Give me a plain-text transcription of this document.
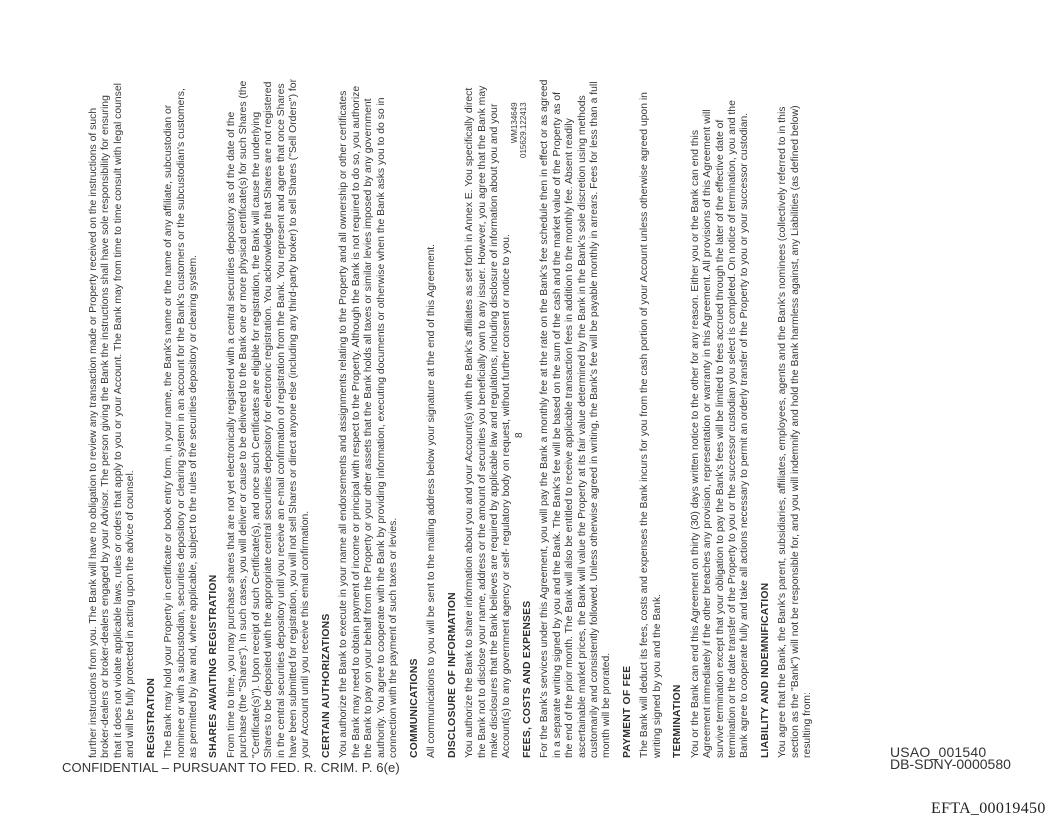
further instructions from you. The Bank will have no obligation to review any transaction made or Property received on the instructions of such broker-dealers or broker-dealers engaged by your Advisor. The person giving the Bank the instructions shall have sole responsibility for ensuring that it does not violate applicable laws, rules or orders that apply to you or your Account. The Bank may from time to time consult with legal counsel and will be fully protected in acting upon the advice of counsel. REGISTRATION The Bank may hold your Property in certificate or book entry form, in your name, the Bank's name or the name of any affiliate, subcustodian or nominee or with a subcustodian, securities depository or clearing system in an account for the Bank's customers or the subcustodian's customers, as permitted by law and, where applicable, subject to the rules of the securities depository or clearing system. SHARES AWAITING REGISTRATION From time to time, you may purchase shares that are not yet electronically registered with a central securities depository as of the date of the purchase (the "Shares"). In such cases, you will deliver or cause to be delivered to the Bank one or more physical certificate(s) for such Shares (the "Certificate(s)"). Upon receipt of such Certificate(s), and once such Certificates are eligible for registration, the Bank will cause the underlying Shares to be deposited with the appropriate central securities depository for electronic registration. You acknowledge that Shares are not registered in the central securities depository until you receive an e-mail confirmation of registration from the Bank. You represent and agree that once Shares have been submitted for registration, you will not sell Shares or direct anyone else (including any third-party broker) to sell Shares ("Sell Orders") for your Account until you receive this email confirmation. CERTAIN AUTHORIZATIONS You authorize the Bank to execute in your name all endorsements and assignments relating to the Property and all ownership or other certificates the Bank may need to obtain payment of income or principal with respect to the Property. Although the Bank is not required to do so, you authorize the Bank to pay on your behalf from the Property or your other assets that the Bank holds all taxes or similar levies imposed by any government authority. You agree to cooperate with the Bank by providing information, executing documents or otherwise when the Bank asks you to do so in connection with the payment of such taxes or levies. COMMUNICATIONS All communications to you will be sent to the mailing address below your signature at the end of this Agreement. DISCLOSURE OF INFORMATION You authorize the Bank to share information about you and your Account(s) with the Bank's affiliates as set forth in Annex E. You specifically direct the Bank not to disclose your name, address or the amount of securities you beneficially own to any issuer. However, you agree that the Bank may make disclosures that the Bank believes are required by applicable law and regulations, including disclosure of information about you and your Account(s) to any government agency or self- regulatory body on request, without further consent or notice to you. FEES, COSTS AND EXPENSES For the Bank's services under this Agreement, you will pay the Bank a monthly fee at the rate on the Bank's fee schedule then in effect or as agreed in a separate writing signed by you and the Bank. The Bank's fee will be based on the sum of the cash and the market value of the Property as of the end of the prior month. The Bank will also be entitled to receive applicable transaction fees in addition to the monthly fee. Absent readily ascertainable market prices, the Bank will value the Property at its fair value determined by the Bank in the Bank's sole discretion using methods customarily and consistently followed. Unless otherwise agreed in writing, the Bank's fee will be payable monthly in arrears. Fees for less than a full month will be prorated. PAYMENT OF FEE The Bank will deduct its fees, costs and expenses the Bank incurs for you from the cash portion of your Account unless otherwise agreed upon in writing signed by you and the Bank. TERMINATION You or the Bank can end this Agreement on thirty (30) days written notice to the other for any reason. Either you or the Bank can end this Agreement immediately if the other breaches any provision, representation or warranty in this Agreement. All provisions of this Agreement will survive termination except that your obligation to pay the Bank's fees will be limited to fees accrued through the later of the effective date of termination or the date transfer of the Property to you or the successor custodian you select is completed. On notice of termination, you and the Bank agree to cooperate fully and take all actions necessary to permit an orderly transfer of the Property to you or your successor custodian. LIABILITY AND INDEMNIFICATION You agree that the Bank, the Bank's parent, subsidiaries, affiliates, employees, agents and the Bank's nominees (collectively referred to in this section as the "Bank") will not be responsible for, and you will indemnify and hold the Bank harmless against, any Liabilities (as defined below) resulting from:

8
WM134649 015629.122413
CONFIDENTIAL – PURSUANT TO FED. R. CRIM. P. 6(e)
USAO_001540
DB-SDNY-0000580
EFTA_00019450
